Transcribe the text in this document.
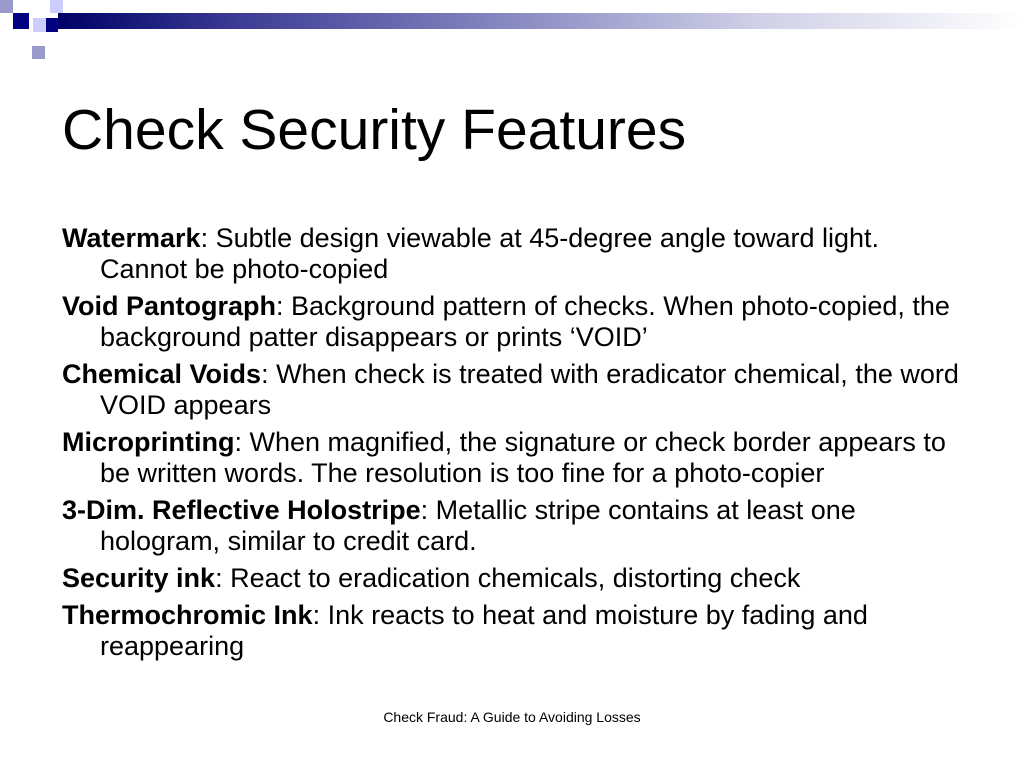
Check Security Features
Watermark: Subtle design viewable at 45-degree angle toward light. Cannot be photo-copied
Void Pantograph: Background pattern of checks. When photo-copied, the background patter disappears or prints ‘VOID’
Chemical Voids: When check is treated with eradicator chemical, the word VOID appears
Microprinting: When magnified, the signature or check border appears to be written words. The resolution is too fine for a photo-copier
3-Dim. Reflective Holostripe: Metallic stripe contains at least one hologram, similar to credit card.
Security ink: React to eradication chemicals, distorting check
Thermochromic Ink: Ink reacts to heat and moisture by fading and reappearing

Check Fraud: A Guide to Avoiding Losses
